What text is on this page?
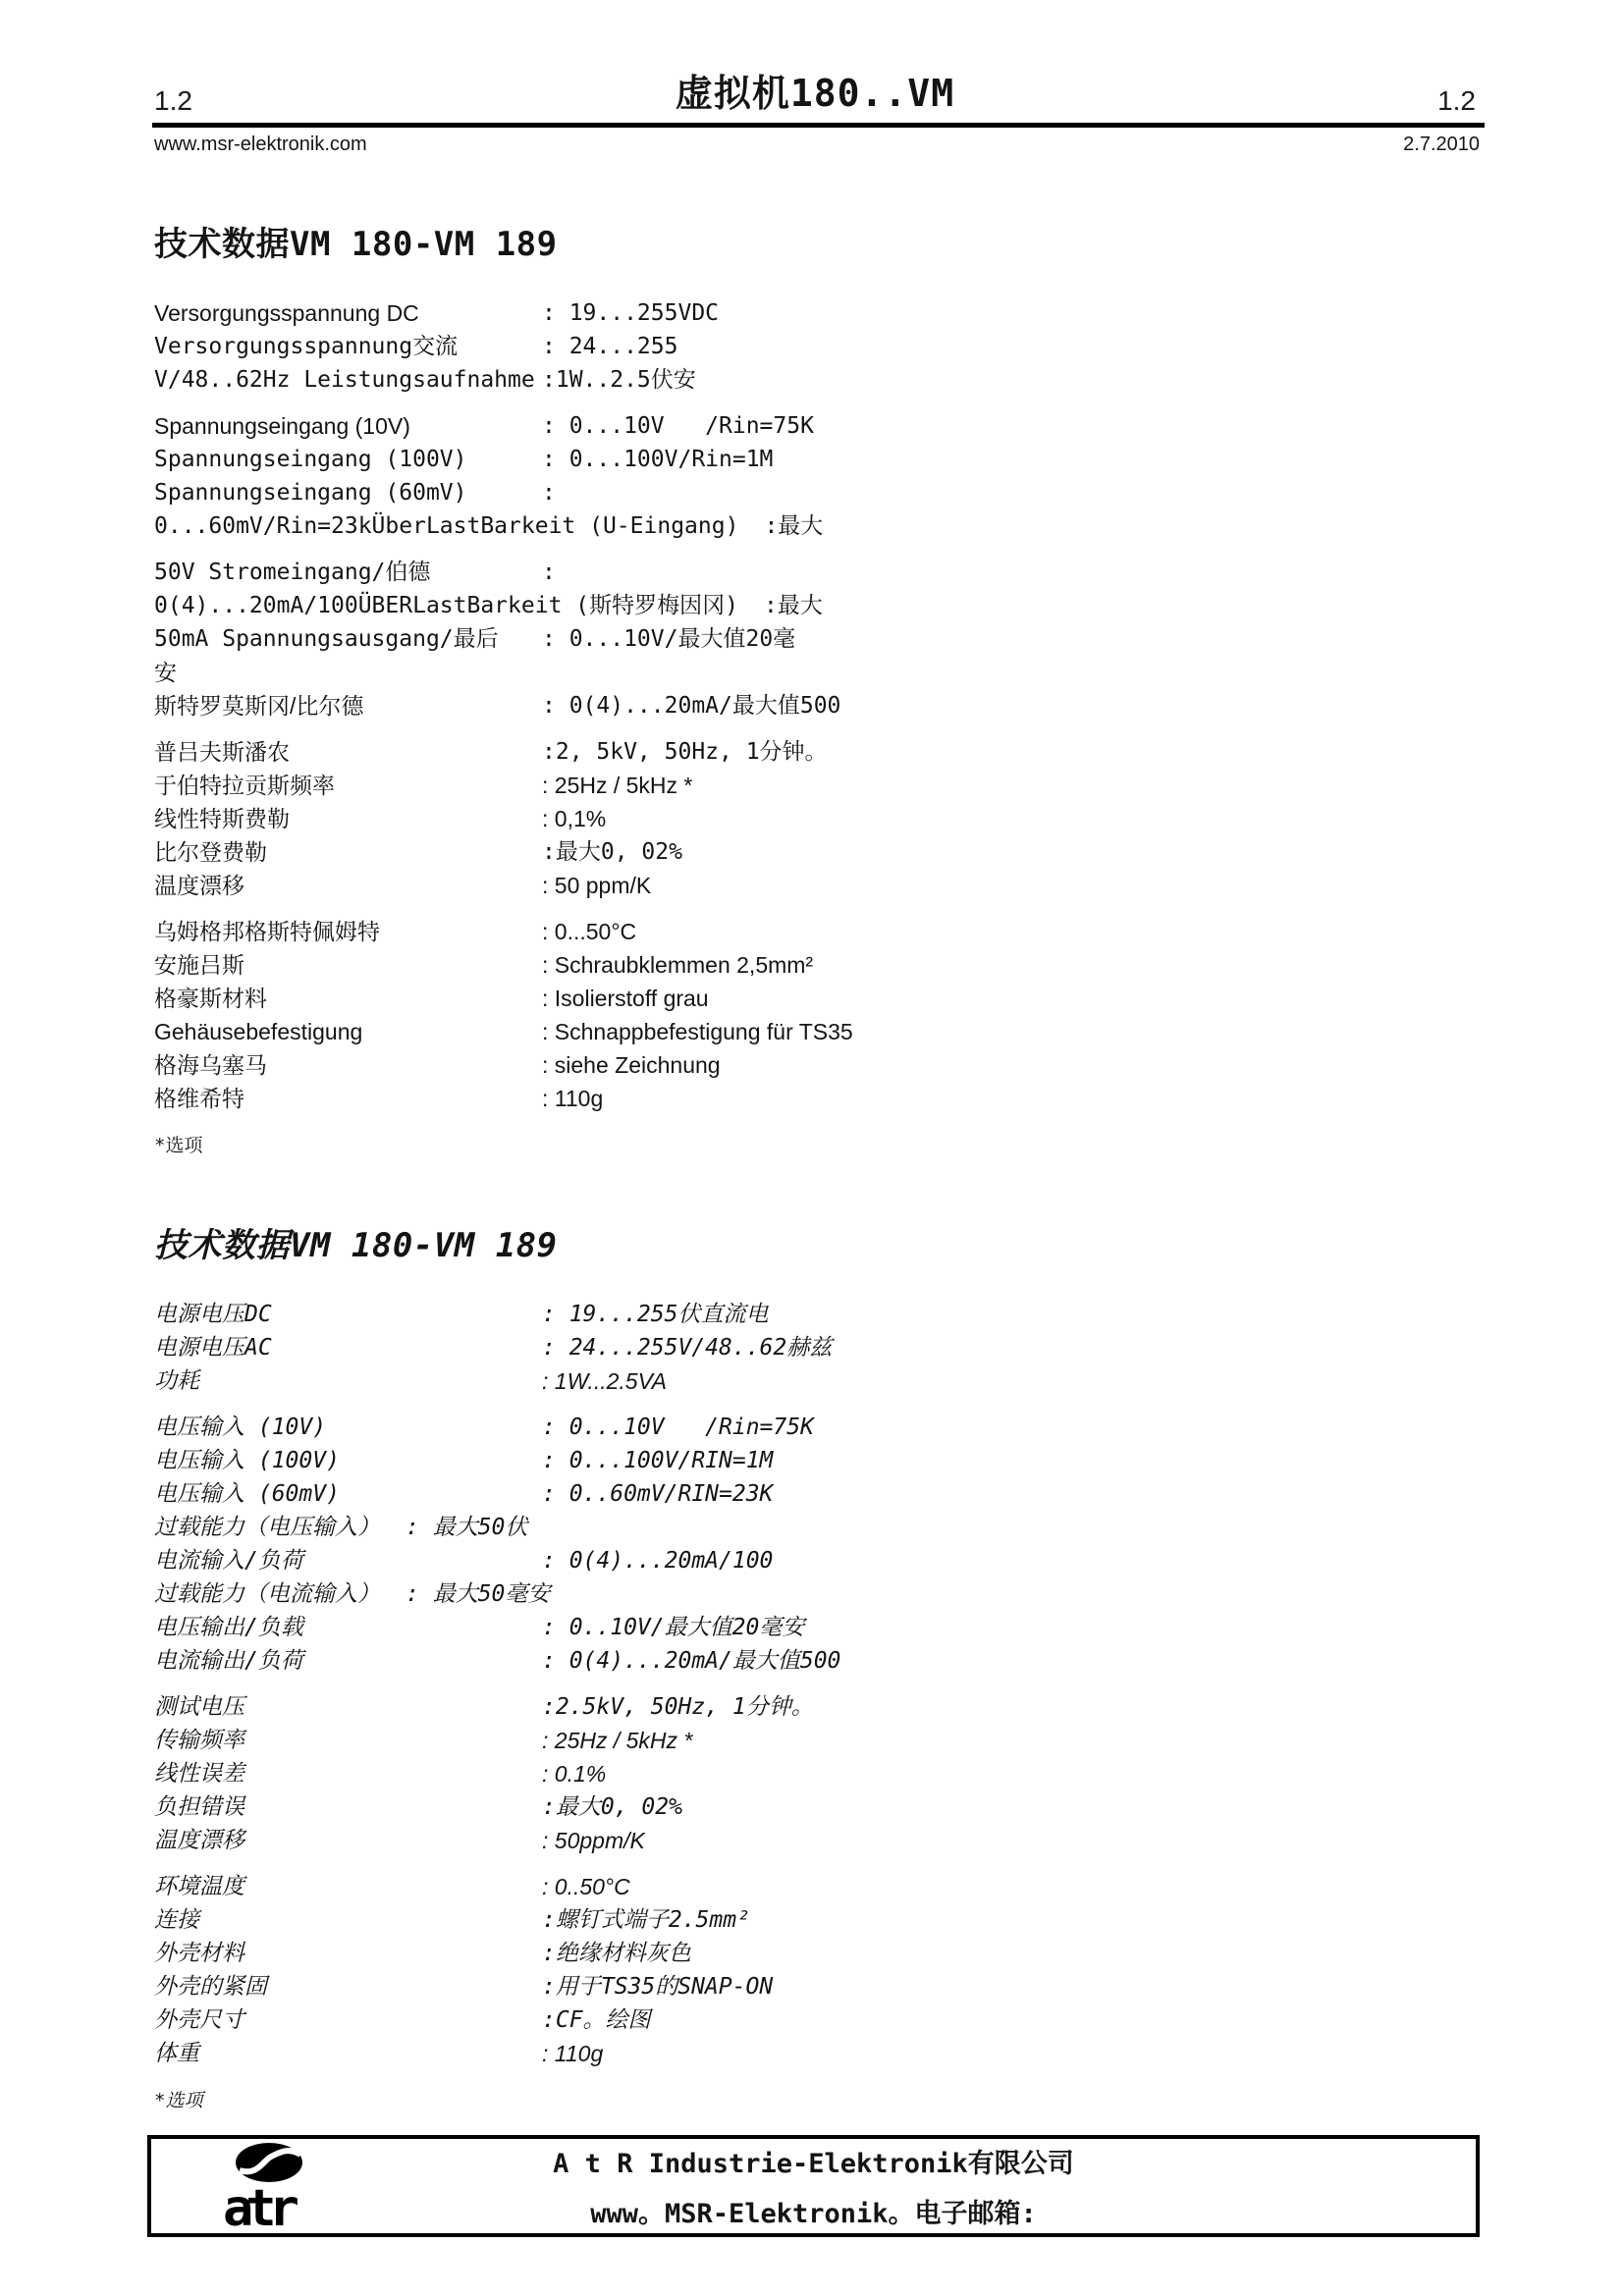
1.2	虚拟机180..VM	1.2
www.msr-elektronik.com	2.7.2010
技术数据VM 180-VM 189
Versorgungsspannung DC	: 19...255VDC
Versorgungsspannung交流	: 24...255
V/48..62Hz Leistungsaufnahme :1W..2.5伏安
Spannungseingang (10V)	: 0...10V   /Rin=75K
Spannungseingang (100V)	: 0...100V/Rin=1M
Spannungseingang (60mV)	:
0...60mV/Rin=23kÜberLastBarkeit (U-Eingang)	:最大
50V Stromeingang/伯德	:
0(4)...20mA/100ÜBERLastBarkeit (斯特罗梅因冈)	:最大
50mA Spannungsausgang/最后	: 0...10V/最大值20毫
安
斯特罗莫斯冈/比尔德	: 0(4)...20mA/最大值500
普吕夫斯潘农	:2, 5kV, 50Hz, 1分钟。
于伯特拉贡斯频率	: 25Hz / 5kHz *
线性特斯费勒	: 0,1%
比尔登费勒	:最大0, 02%
温度漂移	: 50 ppm/K
乌姆格邦格斯特佩姆特	: 0...50°C
安施吕斯	: Schraubklemmen 2,5mm²
格豪斯材料	: Isolierstoff grau
Gehäusebefestigung	: Schnappbefestigung für TS35
格海乌塞马	: siehe Zeichnung
格维希特	: 110g
*选项
技术数据VM 180-VM 189
电源电压DC	: 19...255伏直流电
电源电压AC	: 24...255V/48..62赫兹
功耗	: 1W...2.5VA
电压输入 (10V)	: 0...10V   /Rin=75K
电压输入 (100V)	: 0...100V/RIN=1M
电压输入 (60mV)	: 0..60mV/RIN=23K
过载能力（电压输入）	: 最大50伏
电流输入/负荷	: 0(4)...20mA/100
过载能力（电流输入）	: 最大50毫安
电压输出/负载	: 0..10V/最大值20毫安
电流输出/负荷	: 0(4)...20mA/最大值500
测试电压	:2.5kV, 50Hz, 1分钟。
传输频率	: 25Hz / 5kHz *
线性误差	: 0.1%
负担错误	:最大0, 02%
温度漂移	: 50ppm/K
环境温度	: 0..50°C
连接	:螺钉式端子2.5mm²
外壳材料	:绝缘材料灰色
外壳的紧固	:用于TS35的SNAP-ON
外壳尺寸	:CF。绘图
体重	: 110g
*选项
atr
A t R Industrie-Elektronik有限公司
www。MSR-Elektronik。电子邮箱:
